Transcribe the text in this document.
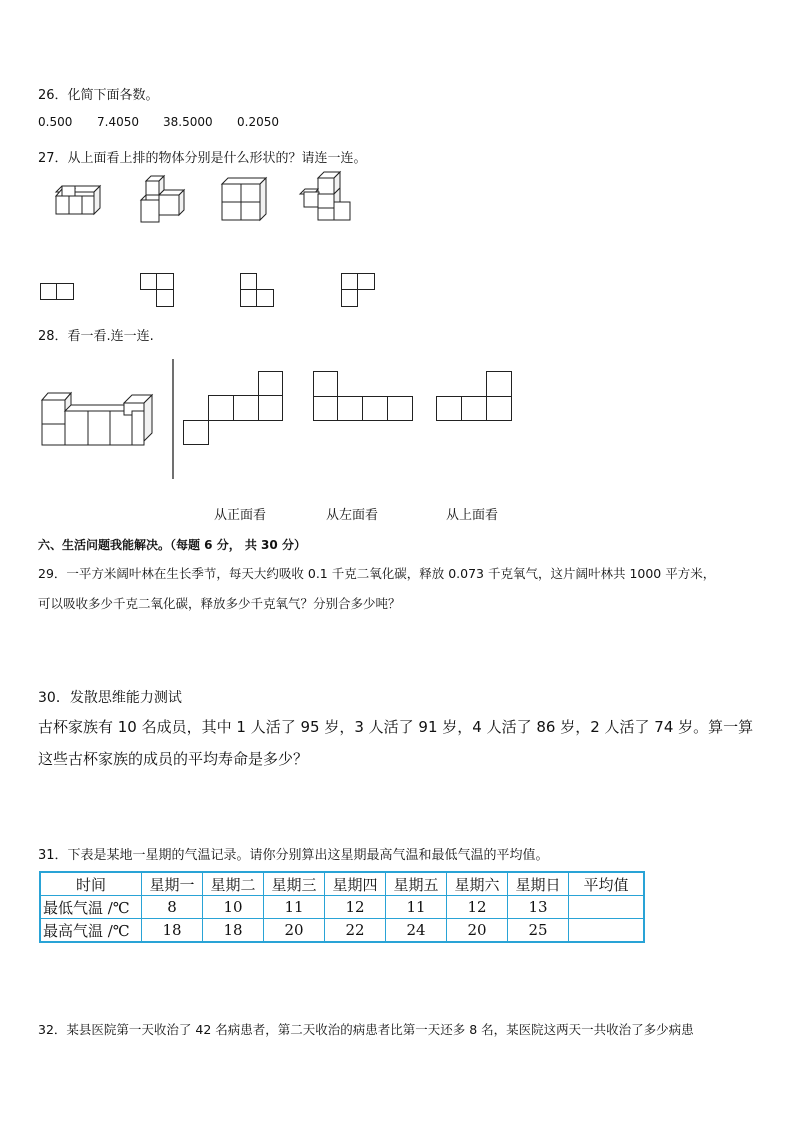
26．化简下面各数。
0.500 7.4050 38.5000 0.2050
27．从上面看上排的物体分别是什么形状的？请连一连。
28．看一看.连一连.
从正面看	从左面看	从上面看
六、生活问题我能解决。（每题 6 分， 共 30 分）
29．一平方米阔叶林在生长季节，每天大约吸收 0.1 千克二氧化碳，释放 0.073 千克氧气，这片阔叶林共 1000 平方米，
可以吸收多少千克二氧化碳，释放多少千克氧气？分别合多少吨？
30．发散思维能力测试
古杯家族有 10 名成员，其中 1 人活了 95 岁，3 人活了 91 岁，4 人活了 86 岁，2 人活了 74 岁。算一算
这些古杯家族的成员的平均寿命是多少？
31．下表是某地一星期的气温记录。请你分别算出这星期最高气温和最低气温的平均值。
时间	星期一	星期二	星期三	星期四	星期五	星期六	星期日	平均值
最低气温 /℃	8	10	11	12	11	12	13	
最高气温 /℃	18	18	20	22	24	20	25	
32．某县医院第一天收治了 42 名病患者，第二天收治的病患者比第一天还多 8 名，某医院这两天一共收治了多少病患
